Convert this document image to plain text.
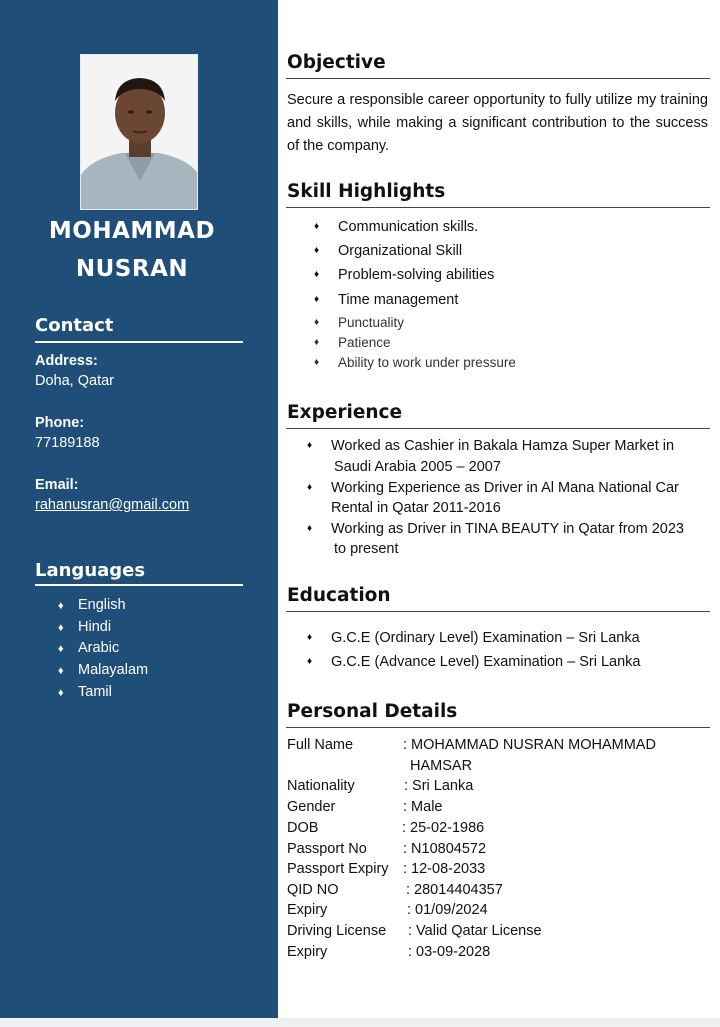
MOHAMMAD
NUSRAN
Contact
Address:
Doha, Qatar
Phone:
77189188
Email:
rahanusran@gmail.com
Languages
♦ English
♦ Hindi
♦ Arabic
♦ Malayalam
♦ Tamil
Objective
Secure a responsible career opportunity to fully utilize my training and skills, while making a significant contribution to the success of the company.
Skill Highlights
♦ Communication skills.
♦ Organizational Skill
♦ Problem-solving abilities
♦ Time management
♦ Punctuality
♦ Patience
♦ Ability to work under pressure
Experience
♦ Worked as Cashier in Bakala Hamza Super Market in
Saudi Arabia 2005 – 2007
♦ Working Experience as Driver in Al Mana National Car
Rental in Qatar 2011-2016
♦ Working as Driver in TINA BEAUTY in Qatar from 2023
to present
Education
♦ G.C.E (Ordinary Level) Examination – Sri Lanka
♦ G.C.E (Advance Level) Examination – Sri Lanka
Personal Details
Full Name	: MOHAMMAD NUSRAN MOHAMMAD
HAMSAR
Nationality	: Sri Lanka
Gender	: Male
DOB	: 25-02-1986
Passport No : N10804572
Passport Expiry : 12-08-2033
QID NO	: 28014404357
Expiry	: 01/09/2024
Driving License : Valid Qatar License
Expiry	: 03-09-2028
